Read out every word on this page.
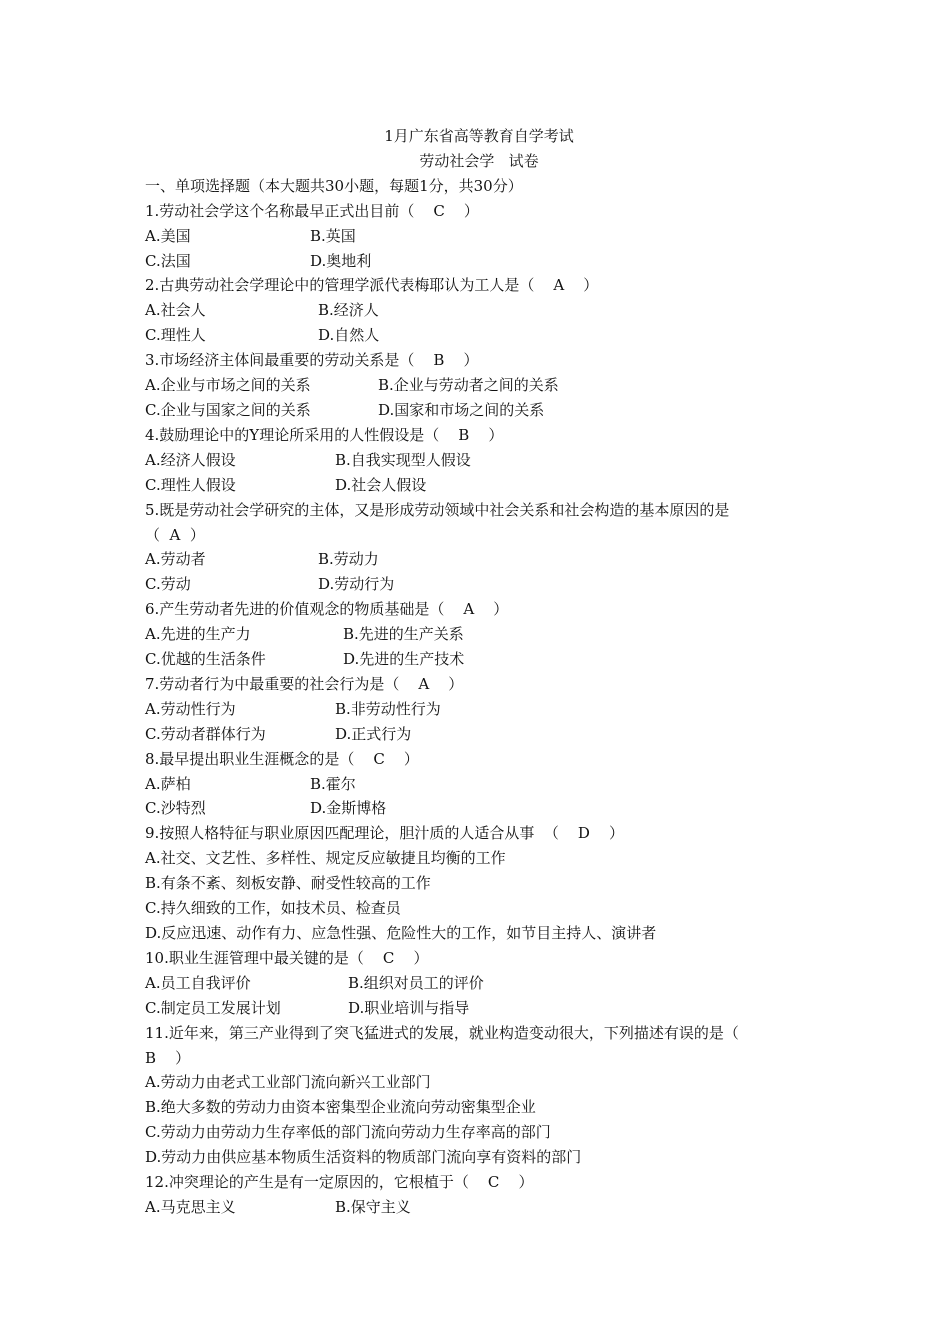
1月广东省高等教育自学考试
劳动社会学   试卷
一、单项选择题（本大题共30小题，每题1分，共30分）
1.劳动社会学这个名称最早正式出目前（    C    ）
A.美国	B.英国
C.法国	D.奥地利
2.古典劳动社会学理论中的管理学派代表梅耶认为工人是（    A    ）
A.社会人	B.经济人
C.理性人	D.自然人
3.市场经济主体间最重要的劳动关系是（    B    ）
A.企业与市场之间的关系	B.企业与劳动者之间的关系
C.企业与国家之间的关系	D.国家和市场之间的关系
4.鼓励理论中的Y理论所采用的人性假设是（    B    ）
A.经济人假设	B.自我实现型人假设
C.理性人假设	D.社会人假设
5.既是劳动社会学研究的主体，又是形成劳动领域中社会关系和社会构造的基本原因的是
（  A  ）
A.劳动者	B.劳动力
C.劳动	D.劳动行为
6.产生劳动者先进的价值观念的物质基础是（    A    ）
A.先进的生产力	B.先进的生产关系
C.优越的生活条件	D.先进的生产技术
7.劳动者行为中最重要的社会行为是（    A    ）
A.劳动性行为	B.非劳动性行为
C.劳动者群体行为	D.正式行为
8.最早提出职业生涯概念的是（    C    ）
A.萨柏	B.霍尔
C.沙特烈	D.金斯博格
9.按照人格特征与职业原因匹配理论，胆汁质的人适合从事  （    D    ）
A.社交、文艺性、多样性、规定反应敏捷且均衡的工作
B.有条不紊、刻板安静、耐受性较高的工作
C.持久细致的工作，如技术员、检查员
D.反应迅速、动作有力、应急性强、危险性大的工作，如节目主持人、演讲者
10.职业生涯管理中最关键的是（    C    ）
A.员工自我评价	B.组织对员工的评价
C.制定员工发展计划	D.职业培训与指导
11.近年来，第三产业得到了突飞猛进式的发展，就业构造变动很大，下列描述有误的是（
B    ）
A.劳动力由老式工业部门流向新兴工业部门
B.绝大多数的劳动力由资本密集型企业流向劳动密集型企业
C.劳动力由劳动力生存率低的部门流向劳动力生存率高的部门
D.劳动力由供应基本物质生活资料的物质部门流向享有资料的部门
12.冲突理论的产生是有一定原因的，它根植于（    C    ）
A.马克思主义	B.保守主义
